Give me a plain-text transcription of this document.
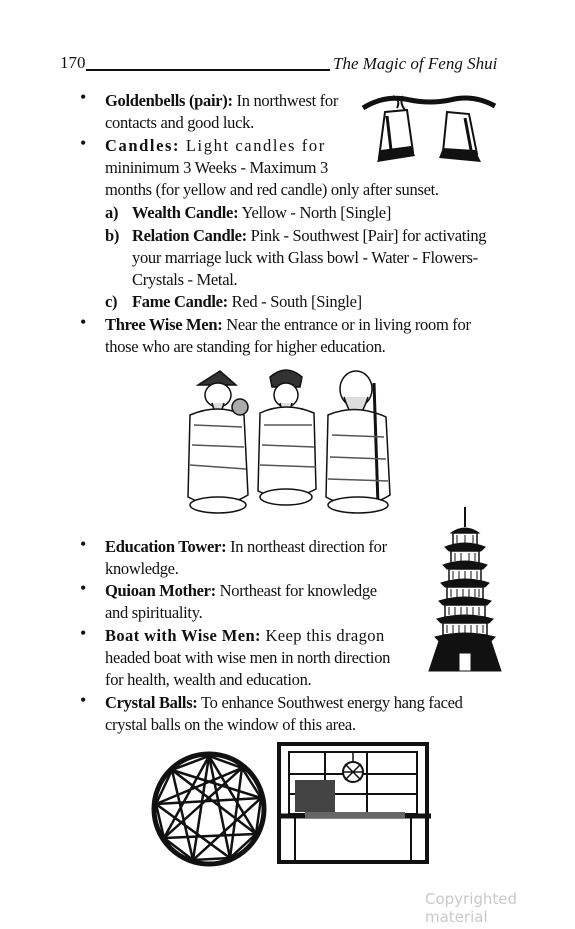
170	The Magic of Feng Shui
• Goldenbells (pair): In northwest for
contacts and good luck.
• Candles: Light candles for
mininimum 3 Weeks - Maximum 3
months (for yellow and red candle) only after sunset.
a) Wealth Candle: Yellow - North [Single]
b) Relation Candle: Pink - Southwest [Pair] for activating
your marriage luck with Glass bowl - Water - Flowers-
Crystals - Metal.
c) Fame Candle: Red - South [Single]
• Three Wise Men: Near the entrance or in living room for
those who are standing for higher education.
• Education Tower: In northeast direction for
knowledge.
• Quioan Mother: Northeast for knowledge
and spirituality.
• Boat with Wise Men: Keep this dragon
headed boat with wise men in north direction
for health, wealth and education.
• Crystal Balls: To enhance Southwest energy hang faced
crystal balls on the window of this area.
Copyrighted material
